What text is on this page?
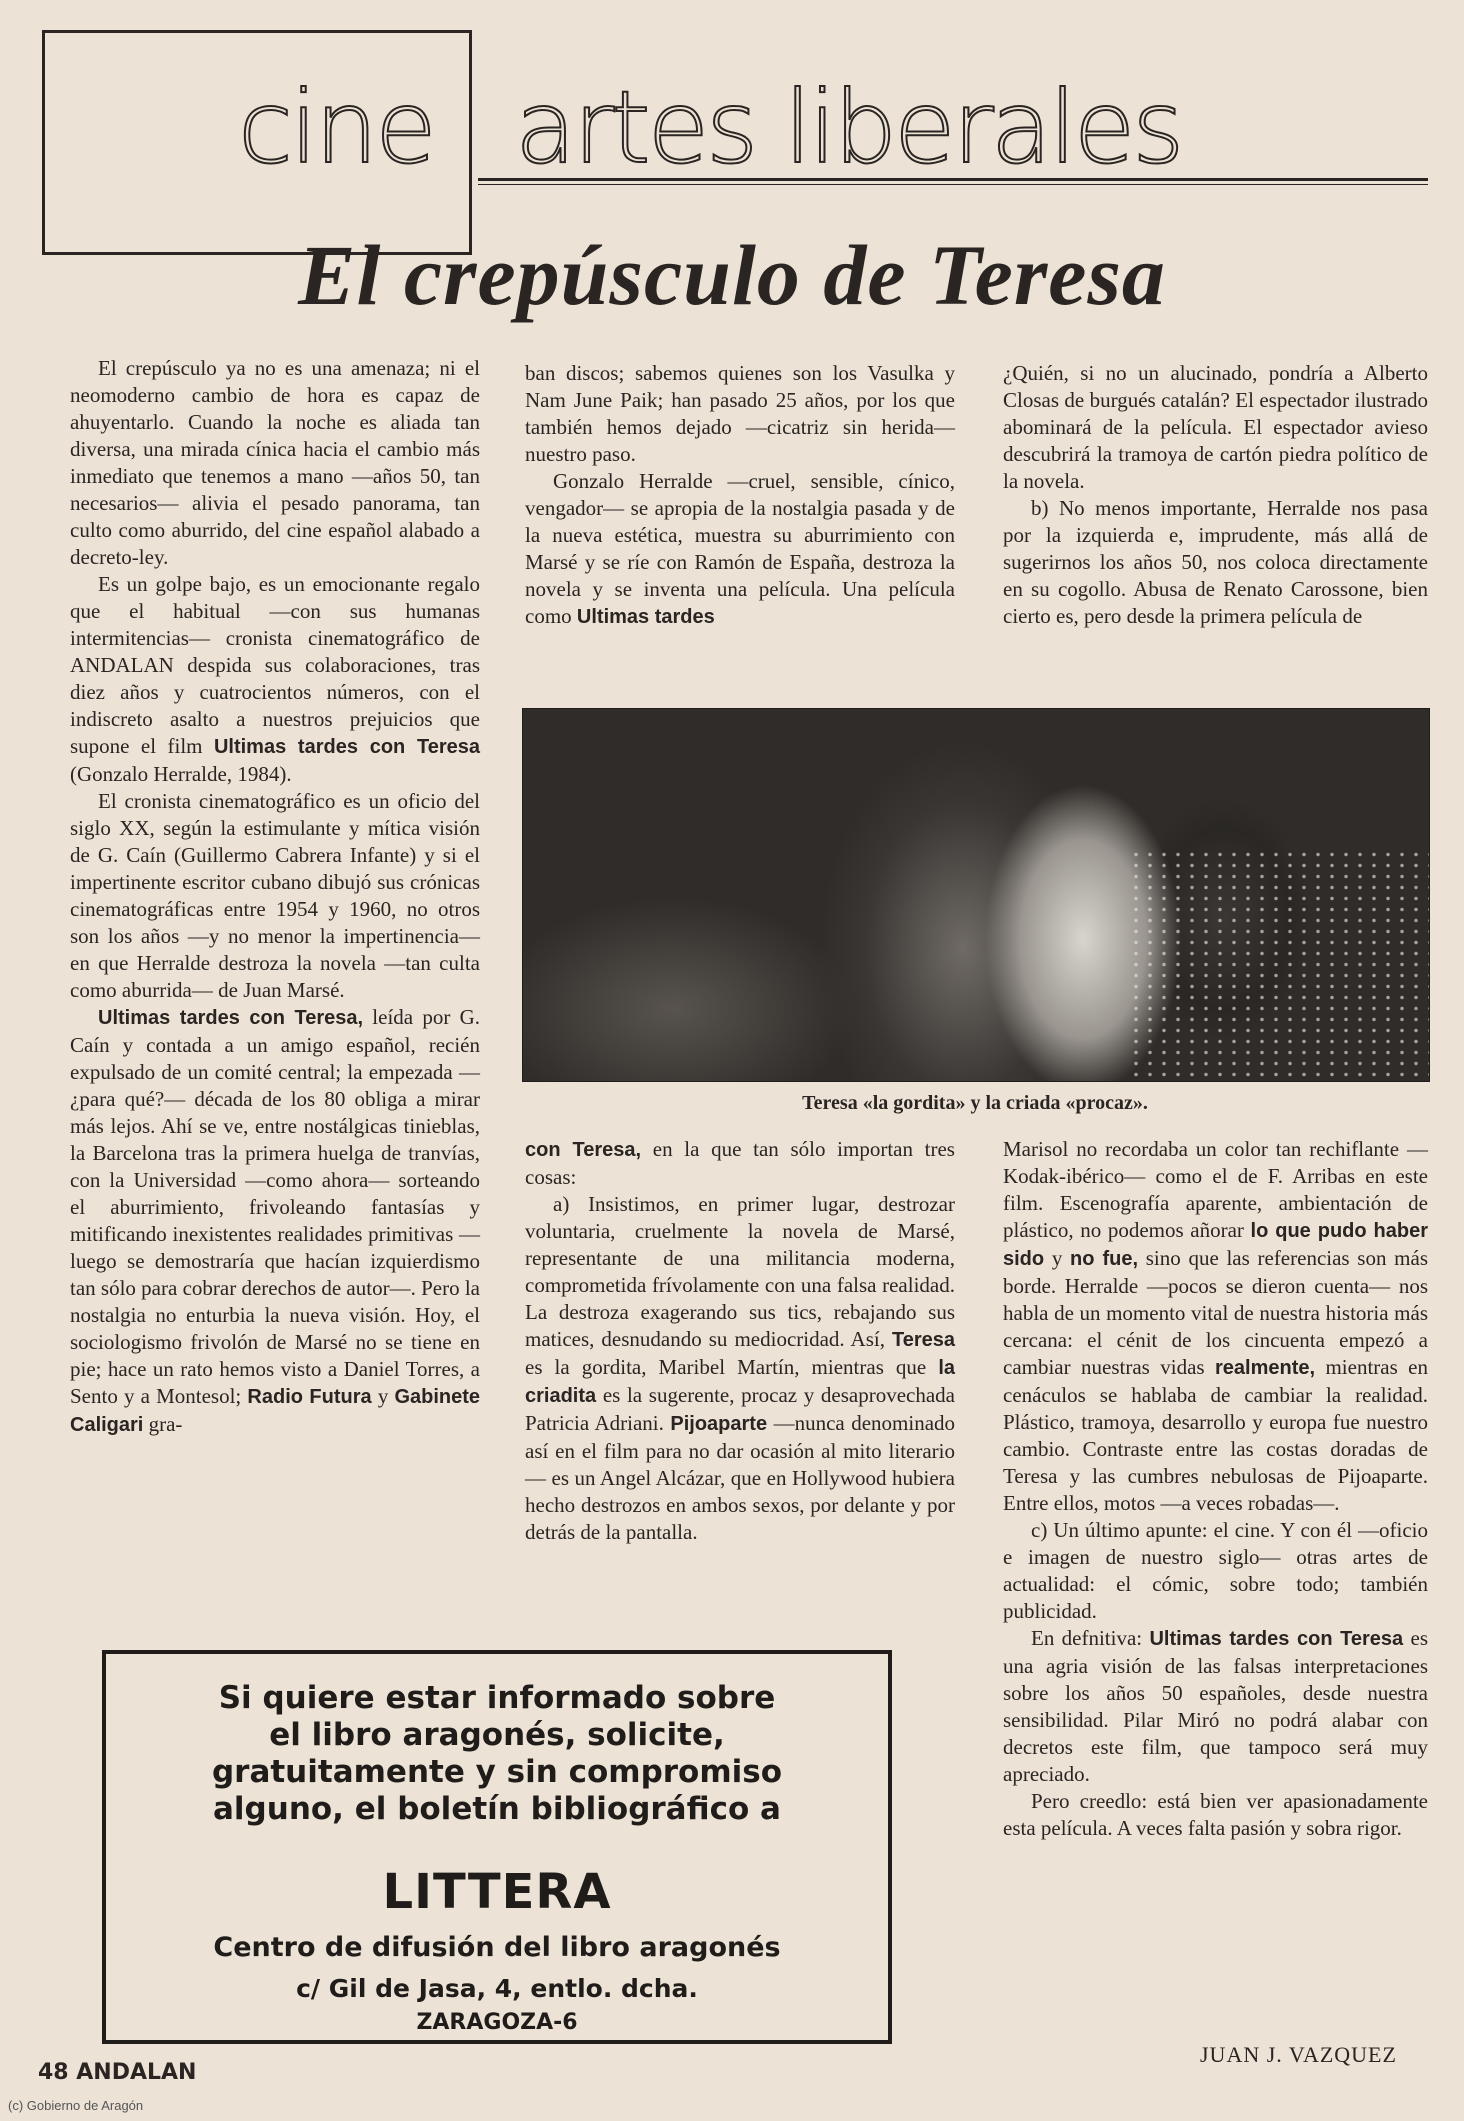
cine artes liberales
El crepúsculo de Teresa

El crepúsculo ya no es una amenaza; ni el neomoderno cambio de hora es capaz de ahuyentarlo. Cuando la noche es aliada tan diversa, una mirada cínica hacia el cambio más inmediato que tenemos a mano —años 50, tan necesarios— alivia el pesado panorama, tan culto como aburrido, del cine español alabado a decreto-ley.

Es un golpe bajo, es un emocionante regalo que el habitual —con sus humanas intermitencias— cronista cinematográfico de ANDALAN despida sus colaboraciones, tras diez años y cuatrocientos números, con el indiscreto asalto a nuestros prejuicios que supone el film Ultimas tardes con Teresa (Gonzalo Herralde, 1984).

El cronista cinematográfico es un oficio del siglo XX, según la estimulante y mítica visión de G. Caín (Guillermo Cabrera Infante) y si el impertinente escritor cubano dibujó sus crónicas cinematográficas entre 1954 y 1960, no otros son los años —y no menor la impertinencia— en que Herralde destroza la novela —tan culta como aburrida— de Juan Marsé.

Ultimas tardes con Teresa, leída por G. Caín y contada a un amigo español, recién expulsado de un comité central; la empezada —¿para qué?— década de los 80 obliga a mirar más lejos. Ahí se ve, entre nostálgicas tinieblas, la Barcelona tras la primera huelga de tranvías, con la Universidad —como ahora— sorteando el aburrimiento, frivoleando fantasías y mitificando inexistentes realidades primitivas —luego se demostraría que hacían izquierdismo tan sólo para cobrar derechos de autor—. Pero la nostalgia no enturbia la nueva visión. Hoy, el sociologismo frivolón de Marsé no se tiene en pie; hace un rato hemos visto a Daniel Torres, a Sento y a Montesol; Radio Futura y Gabinete Caligari gra-

ban discos; sabemos quienes son los Vasulka y Nam June Paik; han pasado 25 años, por los que también hemos dejado —cicatriz sin herida— nuestro paso.

Gonzalo Herralde —cruel, sensible, cínico, vengador— se apropia de la nostalgia pasada y de la nueva estética, muestra su aburrimiento con Marsé y se ríe con Ramón de España, destroza la novela y se inventa una película. Una película como Ultimas tardes

¿Quién, si no un alucinado, pondría a Alberto Closas de burgués catalán? El espectador ilustrado abominará de la película. El espectador avieso descubrirá la tramoya de cartón piedra político de la novela.

b) No menos importante, Herralde nos pasa por la izquierda e, imprudente, más allá de sugerirnos los años 50, nos coloca directamente en su cogollo. Abusa de Renato Carossone, bien cierto es, pero desde la primera película de

Teresa «la gordita» y la criada «procaz».

con Teresa, en la que tan sólo importan tres cosas:

a) Insistimos, en primer lugar, destrozar voluntaria, cruelmente la novela de Marsé, representante de una militancia moderna, comprometida frívolamente con una falsa realidad. La destroza exagerando sus tics, rebajando sus matices, desnudando su mediocridad. Así, Teresa es la gordita, Maribel Martín, mientras que la criadita es la sugerente, procaz y desaprovechada Patricia Adriani. Pijoaparte —nunca denominado así en el film para no dar ocasión al mito literario— es un Angel Alcázar, que en Hollywood hubiera hecho destrozos en ambos sexos, por delante y por detrás de la pantalla.

Marisol no recordaba un color tan rechiflante —Kodak-ibérico— como el de F. Arribas en este film. Escenografía aparente, ambientación de plástico, no podemos añorar lo que pudo haber sido y no fue, sino que las referencias son más borde. Herralde —pocos se dieron cuenta— nos habla de un momento vital de nuestra historia más cercana: el cénit de los cincuenta empezó a cambiar nuestras vidas realmente, mientras en cenáculos se hablaba de cambiar la realidad. Plástico, tramoya, desarrollo y europa fue nuestro cambio. Contraste entre las costas doradas de Teresa y las cumbres nebulosas de Pijoaparte. Entre ellos, motos —a veces robadas—.

c) Un último apunte: el cine. Y con él —oficio e imagen de nuestro siglo— otras artes de actualidad: el cómic, sobre todo; también publicidad.

En defnitiva: Ultimas tardes con Teresa es una agria visión de las falsas interpretaciones sobre los años 50 españoles, desde nuestra sensibilidad. Pilar Miró no podrá alabar con decretos este film, que tampoco será muy apreciado.

Pero creedlo: está bien ver apasionadamente esta película. A veces falta pasión y sobra rigor.

Si quiere estar informado sobre
el libro aragonés, solicite,
gratuitamente y sin compromiso
alguno, el boletín bibliográfico a
LITTERA
Centro de difusión del libro aragonés
c/ Gil de Jasa, 4, entlo. dcha.
ZARAGOZA-6
JUAN J. VAZQUEZ
48 ANDALAN
(c) Gobierno de Aragón
